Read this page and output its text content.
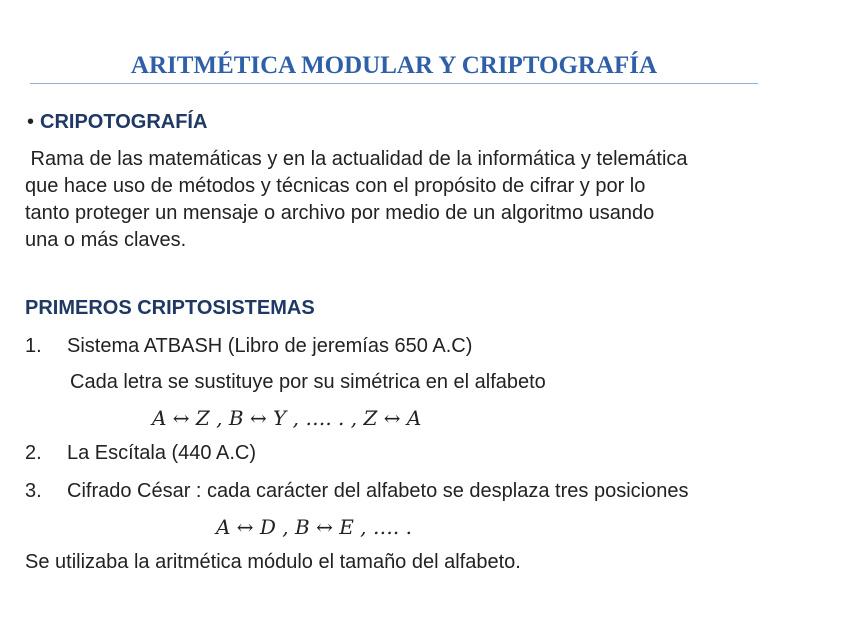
ARITMÉTICA MODULAR Y CRIPTOGRAFÍA
• CRIPOTOGRAFÍA
Rama de las matemáticas y en la actualidad de la informática y telemática
que hace uso de métodos y técnicas con el propósito de cifrar y por lo
tanto proteger un mensaje o archivo por medio de un algoritmo usando
una o más claves.
PRIMEROS CRIPTOSISTEMAS
1. Sistema ATBASH (Libro de jeremías 650 A.C)
Cada letra se sustituye por su simétrica en el alfabeto
A ↔ Z , B ↔ Y , …. . , Z ↔ A
2. La Escítala (440 A.C)
3. Cifrado César : cada carácter del alfabeto se desplaza tres posiciones
A ↔ D , B ↔ E , …. .
Se utilizaba la aritmética módulo el tamaño del alfabeto.
